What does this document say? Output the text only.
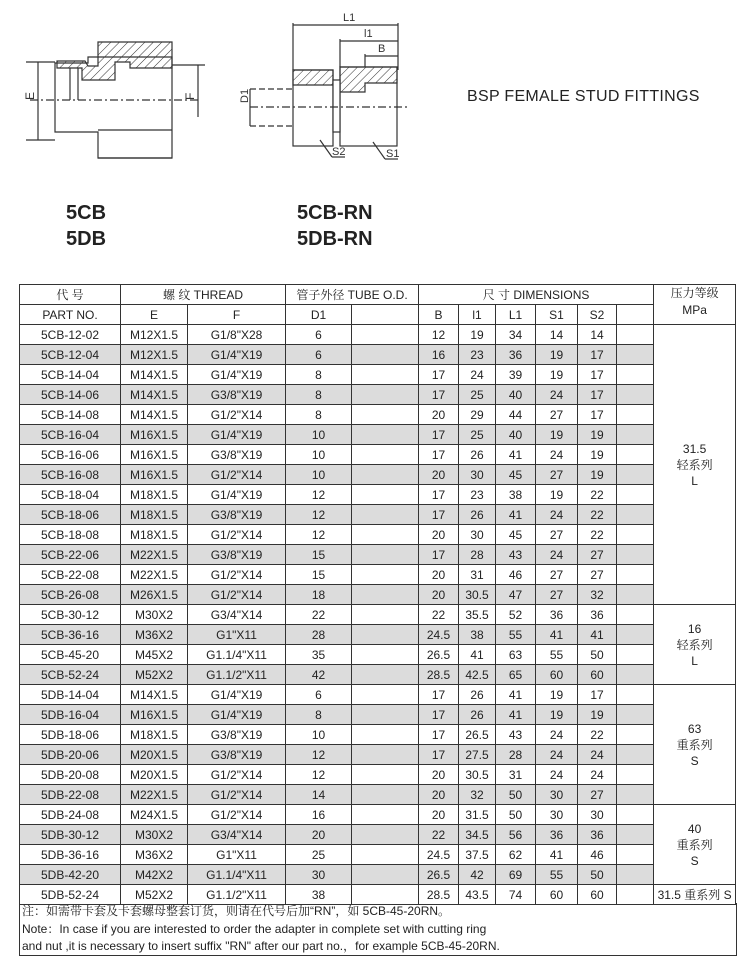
E	F
L1
l1
B
S2	S1
D1
5CB
5DB
5CB-RN
5DB-RN
BSP FEMALE STUD FITTINGS
代 号	螺 纹 THREAD		管子外径 TUBE O.D.		尺 寸 DIMENSIONS						压力等级
MPa

PART NO.	E	F	D1		B	l1	L1	S1	S2		
5CB-12-02	M12X1.5	G1/8"X28	6		12	19	34	14	14		31.5
轻系列
L

5CB-12-04	M12X1.5	G1/4"X19	6		16	23	36	19	17		
5CB-14-04	M14X1.5	G1/4"X19	8		17	24	39	19	17		
5CB-14-06	M14X1.5	G3/8"X19	8		17	25	40	24	17		
5CB-14-08	M14X1.5	G1/2"X14	8		20	29	44	27	17		
5CB-16-04	M16X1.5	G1/4"X19	10		17	25	40	19	19		
5CB-16-06	M16X1.5	G3/8"X19	10		17	26	41	24	19		
5CB-16-08	M16X1.5	G1/2"X14	10		20	30	45	27	19		
5CB-18-04	M18X1.5	G1/4"X19	12		17	23	38	19	22		
5CB-18-06	M18X1.5	G3/8"X19	12		17	26	41	24	22		
5CB-18-08	M18X1.5	G1/2"X14	12		20	30	45	27	22		
5CB-22-06	M22X1.5	G3/8"X19	15		17	28	43	24	27		
5CB-22-08	M22X1.5	G1/2"X14	15		20	31	46	27	27		
5CB-26-08	M26X1.5	G1/2"X14	18		20	30.5	47	27	32		
5CB-30-12	M30X2	G3/4"X14	22		22	35.5	52	36	36		16
轻系列
L

5CB-36-16	M36X2	G1"X11	28		24.5	38	55	41	41		
5CB-45-20	M45X2	G1.1/4"X11	35		26.5	41	63	55	50		
5CB-52-24	M52X2	G1.1/2"X11	42		28.5	42.5	65	60	60		
5DB-14-04	M14X1.5	G1/4"X19	6		17	26	41	19	17		63
重系列
S

5DB-16-04	M16X1.5	G1/4"X19	8		17	26	41	19	19		
5DB-18-06	M18X1.5	G3/8"X19	10		17	26.5	43	24	22		
5DB-20-06	M20X1.5	G3/8"X19	12		17	27.5	28	24	24		
5DB-20-08	M20X1.5	G1/2"X14	12		20	30.5	31	24	24		
5DB-22-08	M22X1.5	G1/2"X14	14		20	32	50	30	27		
5DB-24-08	M24X1.5	G1/2"X14	16		20	31.5	50	30	30		40
重系列
S

5DB-30-12	M30X2	G3/4"X14	20		22	34.5	56	36	36		
5DB-36-16	M36X2	G1"X11	25		24.5	37.5	62	41	46		
5DB-42-20	M42X2	G1.1/4"X11	30		26.5	42	69	55	50		
5DB-52-24	M52X2	G1.1/2"X11	38		28.5	43.5	74	60	60		31.5 重系列 S
注：如需带卡套及卡套螺母整套订货，则请在代号后加“RN”，如 5CB-45-20RN。
Note：In case if you are interested to order the adapter in complete set with cutting ring
and nut ,it is necessary to insert suffix "RN" after our part no.，for example 5CB-45-20RN.
